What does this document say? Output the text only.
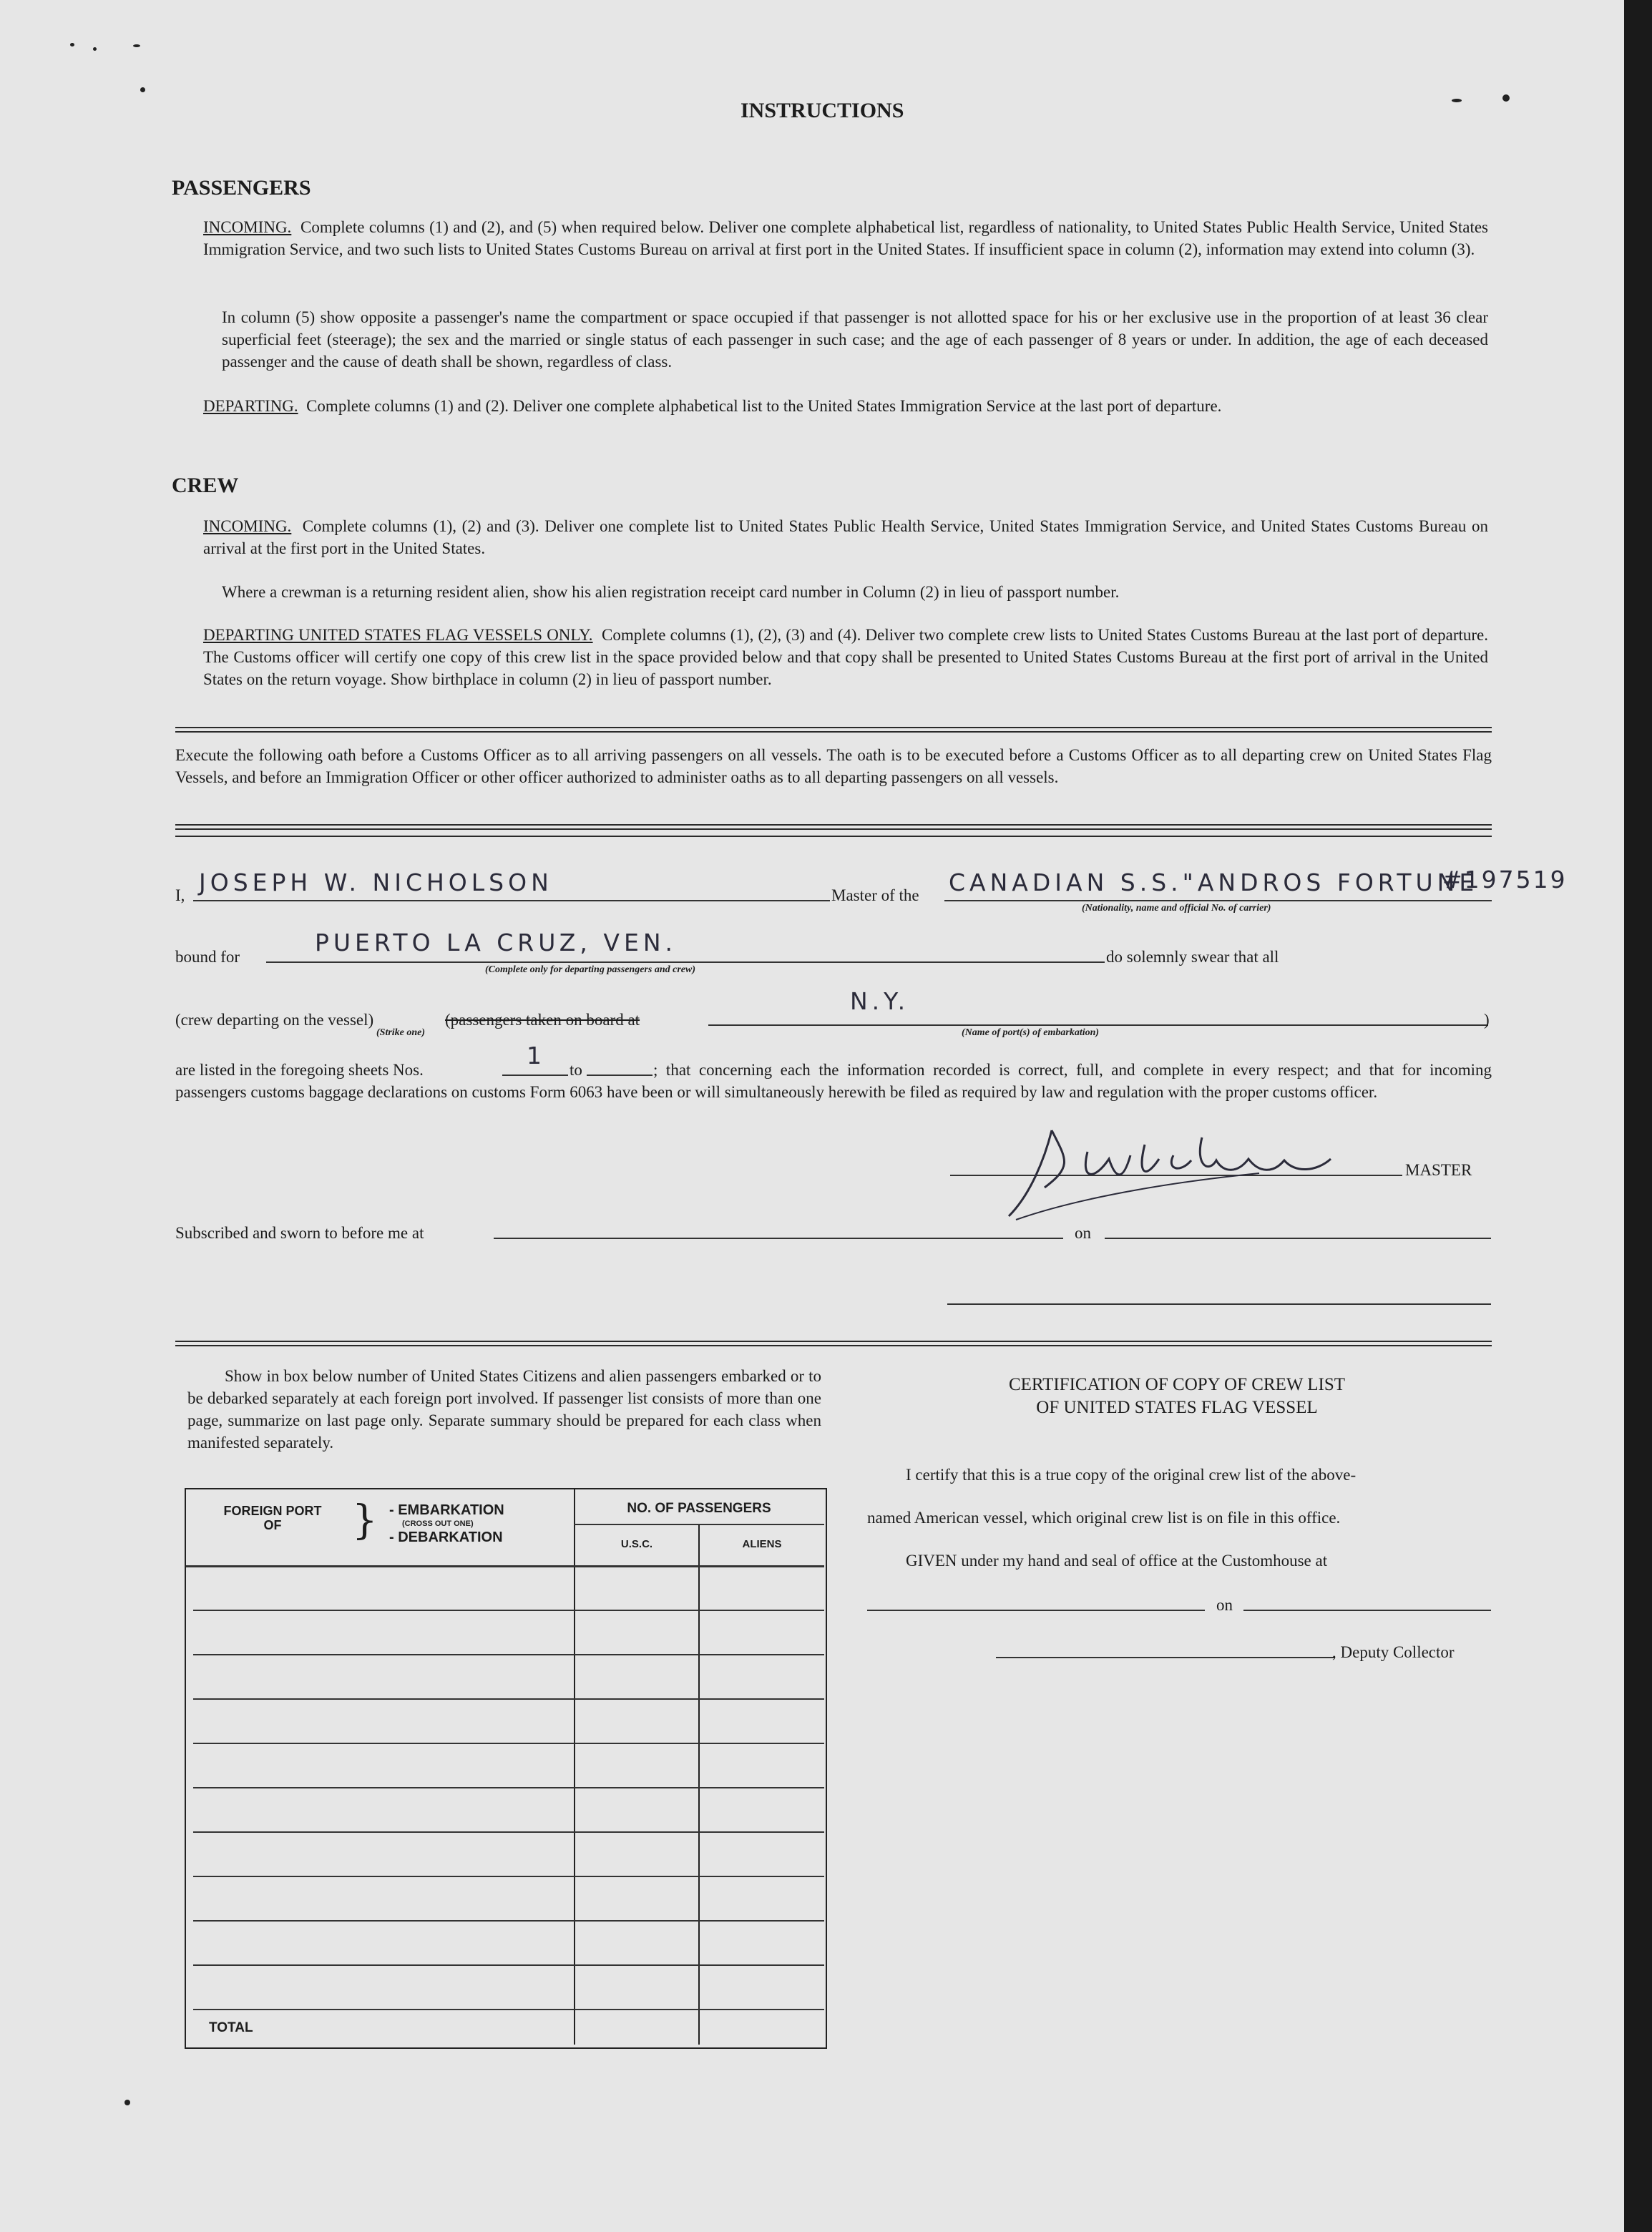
INSTRUCTIONS
PASSENGERS
INCOMING. Complete columns (1) and (2), and (5) when required below. Deliver one complete alphabetical list, regardless of nationality, to United States Public Health Service, United States Immigration Service, and two such lists to United States Customs Bureau on arrival at first port in the United States. If insufficient space in column (2), information may extend into column (3).
In column (5) show opposite a passenger's name the compartment or space occupied if that passenger is not allotted space for his or her exclusive use in the proportion of at least 36 clear superficial feet (steerage); the sex and the married or single status of each passenger in such case; and the age of each passenger of 8 years or under. In addition, the age of each deceased passenger and the cause of death shall be shown, regardless of class.
DEPARTING. Complete columns (1) and (2). Deliver one complete alphabetical list to the United States Immigration Service at the last port of departure.
CREW
INCOMING. Complete columns (1), (2) and (3). Deliver one complete list to United States Public Health Service, United States Immigration Service, and United States Customs Bureau on arrival at the first port in the United States.
Where a crewman is a returning resident alien, show his alien registration receipt card number in Column (2) in lieu of passport number.
DEPARTING UNITED STATES FLAG VESSELS ONLY. Complete columns (1), (2), (3) and (4). Deliver two complete crew lists to United States Customs Bureau at the last port of departure. The Customs officer will certify one copy of this crew list in the space provided below and that copy shall be presented to United States Customs Bureau at the first port of arrival in the United States on the return voyage. Show birthplace in column (2) in lieu of passport number.
Execute the following oath before a Customs Officer as to all arriving passengers on all vessels. The oath is to be executed before a Customs Officer as to all departing crew on United States Flag Vessels, and before an Immigration Officer or other officer authorized to administer oaths as to all departing passengers on all vessels.
I, JOSEPH W. NICHOLSON	Master of the CANADIAN S.S."ANDROS FORTUNE
#197519
(Nationality, name and official No. of carrier)
bound for
PUERTO LA CRUZ, VEN.
(Complete only for departing passengers and crew)
do solemnly swear that all
(crew departing on the vessel)	(passengers taken on board at
N.Y.
)
(Strike one)	(Name of port(s) of embarkation)
are listed in the foregoing sheets Nos.
1
to	; that concerning each the information recorded is correct, full, and complete in every respect; and that for incoming passengers customs baggage declarations on customs Form 6063 have been or will simultaneously herewith be filed as required by law and regulation with the proper customs officer.
MASTER
Subscribed and sworn to before me at	on
Show in box below number of United States Citizens and alien passengers embarked or to be debarked separately at each foreign port involved. If passenger list consists of more than one page, summarize on last page only. Separate summary should be prepared for each class when manifested separately.
FOREIGN PORT OF	} - EMBARKATION
(CROSS OUT ONE)
- DEBARKATION
NO. OF PASSENGERS
U.S.C.	ALIENS
TOTAL
CERTIFICATION OF COPY OF CREW LIST
OF UNITED STATES FLAG VESSEL
I certify that this is a true copy of the original crew list of the above-
named American vessel, which original crew list is on file in this office.
GIVEN under my hand and seal of office at the Customhouse at
on
, Deputy Collector
